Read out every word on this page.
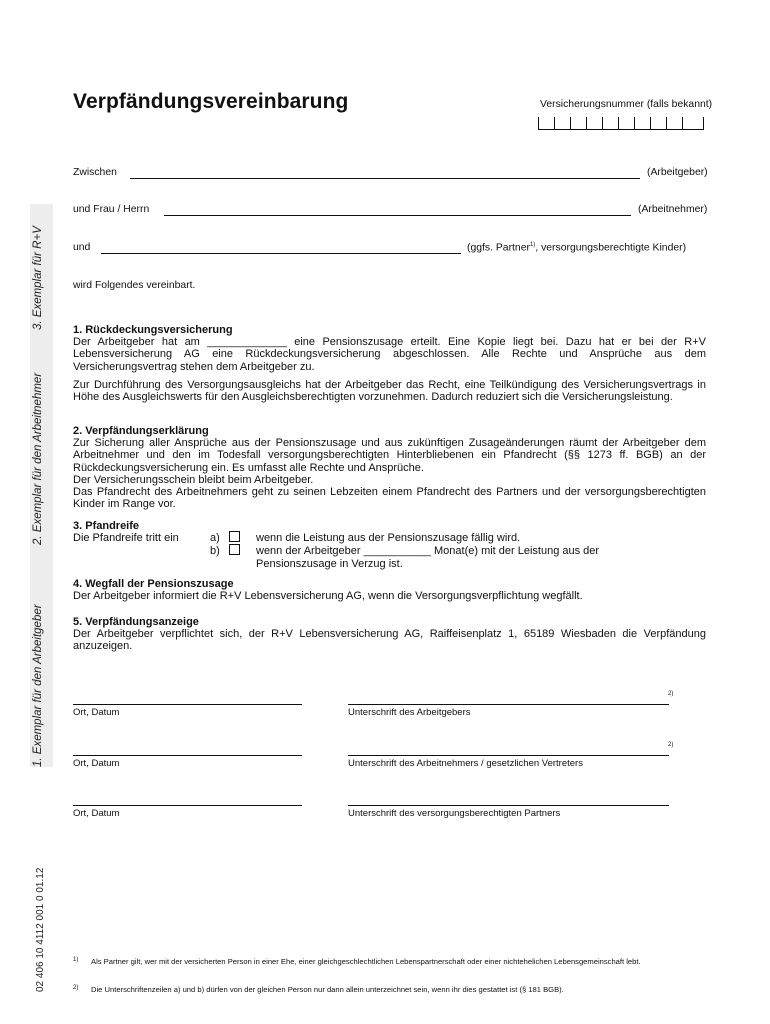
1. Exemplar für den Arbeitgeber
2. Exemplar für den Arbeitnehmer
3. Exemplar für R+V
02 406 10 4112 001 0 01.12
Verpfändungsvereinbarung	Versicherungsnummer (falls bekannt)
Zwischen	(Arbeitgeber)
und Frau / Herrn	(Arbeitnehmer)
und	(ggfs. Partner$^{1)}$, versorgungsberechtigte Kinder)
wird Folgendes vereinbart.

1. Rückdeckungsversicherung

Der Arbeitgeber hat am _____________ eine Pensionszusage erteilt. Eine Kopie liegt bei. Dazu hat er bei der R+V Lebensversicherung AG eine Rückdeckungsversicherung abgeschlossen. Alle Rechte und Ansprüche aus dem Versicherungsvertrag stehen dem Arbeitgeber zu.

Zur Durchführung des Versorgungsausgleichs hat der Arbeitgeber das Recht, eine Teilkündigung des Versicherungsvertrags in Höhe des Ausgleichswerts für den Ausgleichsberechtigten vorzunehmen. Dadurch reduziert sich die Versicherungsleistung.

2. Verpfändungserklärung

Zur Sicherung aller Ansprüche aus der Pensionszusage und aus zukünftigen Zusageänderungen räumt der Arbeitgeber dem Arbeitnehmer und den im Todesfall versorgungsberechtigten Hinterbliebenen ein Pfandrecht (§§ 1273 ff. BGB) an der Rückdeckungsversicherung ein. Es umfasst alle Rechte und Ansprüche.

Der Versicherungsschein bleibt beim Arbeitgeber.

Das Pfandrecht des Arbeitnehmers geht zu seinen Lebzeiten einem Pfandrecht des Partners und der versorgungsberechtigten Kinder im Range vor.

3. Pfandreife

Die Pfandreife tritt ein	a)	wenn die Leistung aus der Pensionszusage fällig wird.
b)	wenn der Arbeitgeber ___________ Monat(e) mit der Leistung aus der
Pensionszusage in Verzug ist.

4. Wegfall der Pensionszusage

Der Arbeitgeber informiert die R+V Lebensversicherung AG, wenn die Versorgungsverpflichtung wegfällt.

5. Verpfändungsanzeige

Der Arbeitgeber verpflichtet sich, der R+V Lebensversicherung AG, Raiffeisenplatz 1, 65189 Wiesbaden die Verpfändung anzuzeigen.

Ort, Datum	Unterschrift des Arbeitgebers
2)
Ort, Datum	Unterschrift des Arbeitnehmers / gesetzlichen Vertreters
2)
Ort, Datum	Unterschrift des versorgungsberechtigten Partners
1) Als Partner gilt, wer mit der versicherten Person in einer Ehe, einer gleichgeschlechtlichen Lebenspartnerschaft oder einer nichtehelichen Lebensgemeinschaft lebt.
2) Die Unterschriftenzeilen a) und b) dürfen von der gleichen Person nur dann allein unterzeichnet sein, wenn ihr dies gestattet ist (§ 181 BGB).
